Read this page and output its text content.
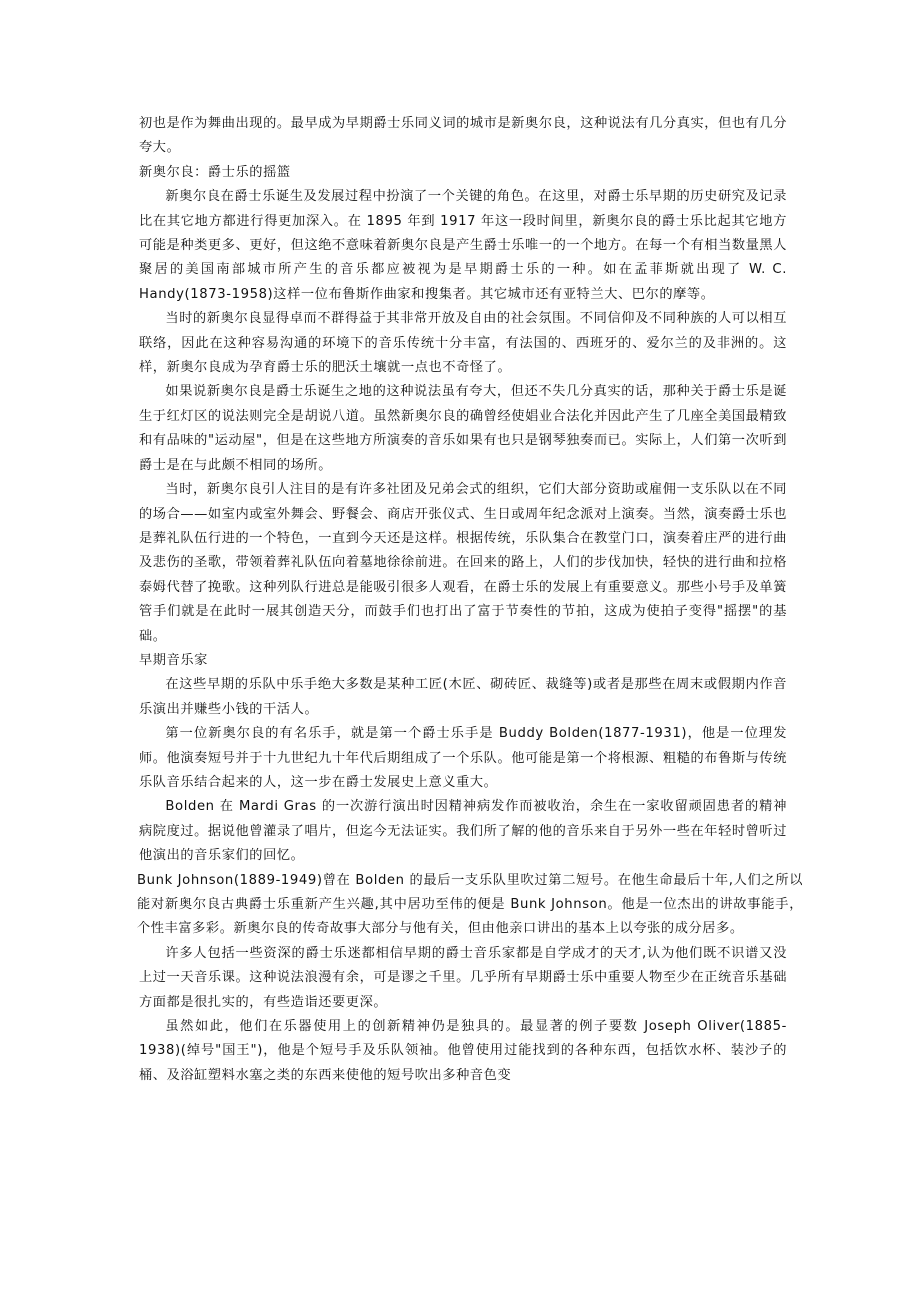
初也是作为舞曲出现的。最早成为早期爵士乐同义词的城市是新奥尔良，这种说法有几分真实，但也有几分夸大。

新奥尔良：爵士乐的摇篮

新奥尔良在爵士乐诞生及发展过程中扮演了一个关键的角色。在这里，对爵士乐早期的历史研究及记录比在其它地方都进行得更加深入。在 1895 年到 1917 年这一段时间里，新奥尔良的爵士乐比起其它地方可能是种类更多、更好，但这绝不意味着新奥尔良是产生爵士乐唯一的一个地方。在每一个有相当数量黑人聚居的美国南部城市所产生的音乐都应被视为是早期爵士乐的一种。如在孟菲斯就出现了 W. C. Handy(1873-1958)这样一位布鲁斯作曲家和搜集者。其它城市还有亚特兰大、巴尔的摩等。

当时的新奥尔良显得卓而不群得益于其非常开放及自由的社会氛围。不同信仰及不同种族的人可以相互联络，因此在这种容易沟通的环境下的音乐传统十分丰富，有法国的、西班牙的、爱尔兰的及非洲的。这样，新奥尔良成为孕育爵士乐的肥沃土壤就一点也不奇怪了。

如果说新奥尔良是爵士乐诞生之地的这种说法虽有夸大，但还不失几分真实的话，那种关于爵士乐是诞生于红灯区的说法则完全是胡说八道。虽然新奥尔良的确曾经使娼业合法化并因此产生了几座全美国最精致和有品味的"运动屋"，但是在这些地方所演奏的音乐如果有也只是钢琴独奏而已。实际上，人们第一次听到爵士是在与此颇不相同的场所。

当时，新奥尔良引人注目的是有许多社团及兄弟会式的组织，它们大部分资助或雇佣一支乐队以在不同的场合——如室内或室外舞会、野餐会、商店开张仪式、生日或周年纪念派对上演奏。当然，演奏爵士乐也是葬礼队伍行进的一个特色，一直到今天还是这样。根据传统，乐队集合在教堂门口，演奏着庄严的进行曲及悲伤的圣歌，带领着葬礼队伍向着墓地徐徐前进。在回来的路上，人们的步伐加快，轻快的进行曲和拉格泰姆代替了挽歌。这种列队行进总是能吸引很多人观看，在爵士乐的发展上有重要意义。那些小号手及单簧管手们就是在此时一展其创造天分，而鼓手们也打出了富于节奏性的节拍，这成为使拍子变得"摇摆"的基础。

早期音乐家

在这些早期的乐队中乐手绝大多数是某种工匠(木匠、砌砖匠、裁缝等)或者是那些在周末或假期内作音乐演出并赚些小钱的干活人。

第一位新奥尔良的有名乐手，就是第一个爵士乐手是 Buddy Bolden(1877-1931)，他是一位理发师。他演奏短号并于十九世纪九十年代后期组成了一个乐队。他可能是第一个将根源、粗糙的布鲁斯与传统乐队音乐结合起来的人，这一步在爵士发展史上意义重大。

Bolden 在 Mardi Gras 的一次游行演出时因精神病发作而被收治，余生在一家收留顽固患者的精神病院度过。据说他曾灌录了唱片，但迄今无法证实。我们所了解的他的音乐来自于另外一些在年轻时曾听过他演出的音乐家们的回忆。

Bunk Johnson(1889-1949)曾在 Bolden 的最后一支乐队里吹过第二短号。在他生命最后十年,人们之所以能对新奥尔良古典爵士乐重新产生兴趣,其中居功至伟的便是 Bunk Johnson。他是一位杰出的讲故事能手，个性丰富多彩。新奥尔良的传奇故事大部分与他有关，但由他亲口讲出的基本上以夸张的成分居多。

许多人包括一些资深的爵士乐迷都相信早期的爵士音乐家都是自学成才的天才,认为他们既不识谱又没上过一天音乐课。这种说法浪漫有余，可是谬之千里。几乎所有早期爵士乐中重要人物至少在正统音乐基础方面都是很扎实的，有些造诣还要更深。

虽然如此，他们在乐器使用上的创新精神仍是独具的。最显著的例子要数 Joseph Oliver(1885-1938)(绰号"国王")，他是个短号手及乐队领袖。他曾使用过能找到的各种东西，包括饮水杯、装沙子的桶、及浴缸塑料水塞之类的东西来使他的短号吹出多种音色变
